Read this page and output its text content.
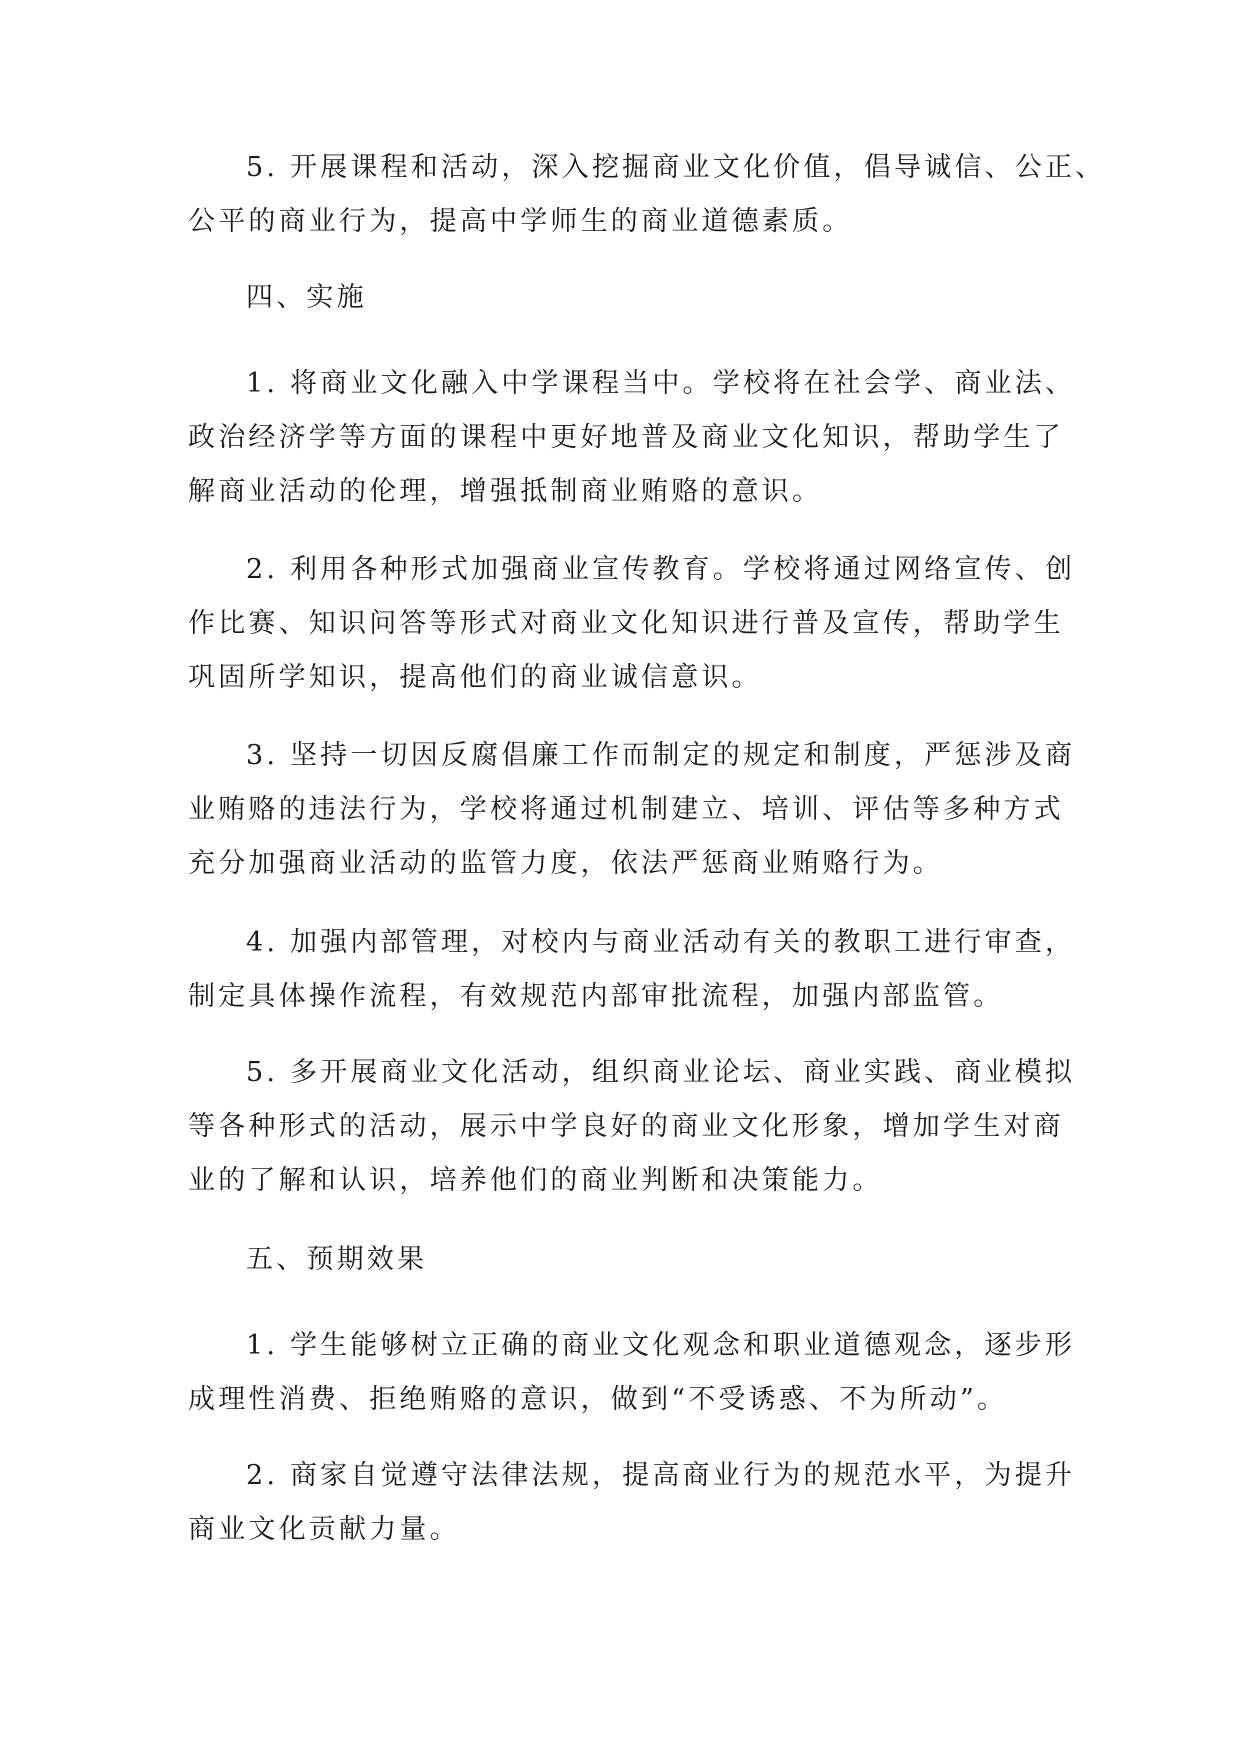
5. 开展课程和活动，深入挖掘商业文化价值，倡导诚信、公正、
公平的商业行为，提高中学师生的商业道德素质。

四、实施

1. 将商业文化融入中学课程当中。学校将在社会学、商业法、
政治经济学等方面的课程中更好地普及商业文化知识，帮助学生了
解商业活动的伦理，增强抵制商业贿赂的意识。

2. 利用各种形式加强商业宣传教育。学校将通过网络宣传、创
作比赛、知识问答等形式对商业文化知识进行普及宣传，帮助学生
巩固所学知识，提高他们的商业诚信意识。

3. 坚持一切因反腐倡廉工作而制定的规定和制度，严惩涉及商
业贿赂的违法行为，学校将通过机制建立、培训、评估等多种方式
充分加强商业活动的监管力度，依法严惩商业贿赂行为。

4. 加强内部管理，对校内与商业活动有关的教职工进行审查，
制定具体操作流程，有效规范内部审批流程，加强内部监管。

5. 多开展商业文化活动，组织商业论坛、商业实践、商业模拟
等各种形式的活动，展示中学良好的商业文化形象，增加学生对商
业的了解和认识，培养他们的商业判断和决策能力。

五、预期效果

1. 学生能够树立正确的商业文化观念和职业道德观念，逐步形
成理性消费、拒绝贿赂的意识，做到“不受诱惑、不为所动”。

2. 商家自觉遵守法律法规，提高商业行为的规范水平，为提升
商业文化贡献力量。
